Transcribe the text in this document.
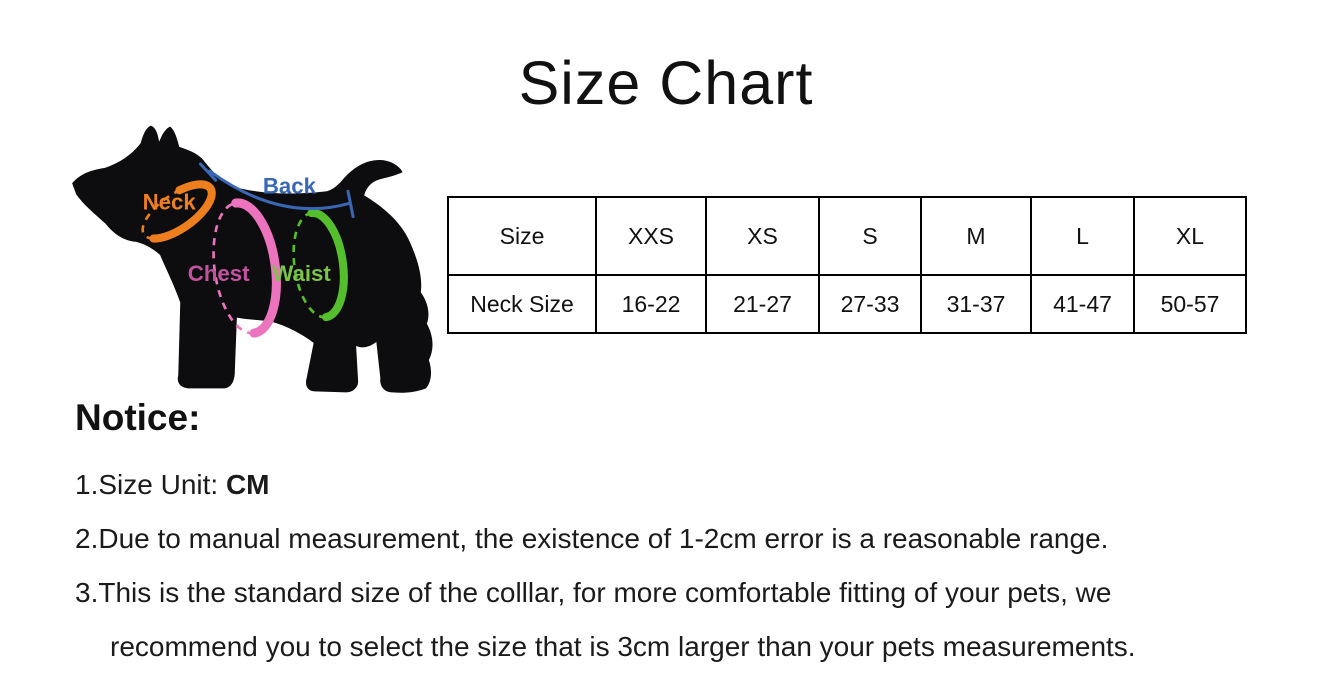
Size Chart
Neck
Back
Chest Waist
Size	XXS	XS	S	M	L	XL
Neck Size	16-22	21-27	27-33	31-37	41-47	50-57
Notice:
1.Size Unit: CM
2.Due to manual measurement, the existence of 1-2cm error is a reasonable range.
3.This is the standard size of the colllar, for more comfortable fitting of your pets, we
recommend you to select the size that is 3cm larger than your pets measurements.
